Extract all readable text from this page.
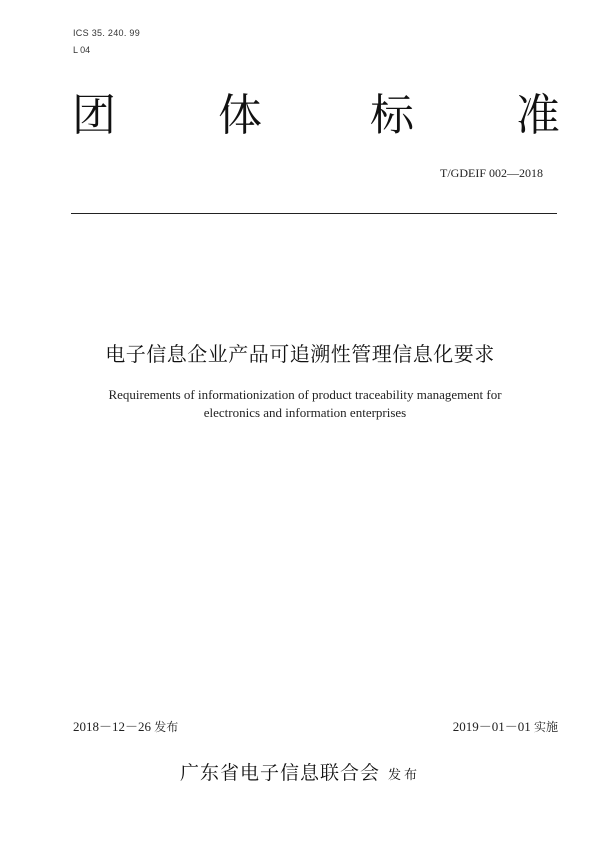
ICS 35. 240. 99
L 04
团 体 标 准
T/GDEIF 002—2018
电子信息企业产品可追溯性管理信息化要求
Requirements of informationization of product traceability management for
electronics and information enterprises
2018－12－26 发布	2019－01－01 实施
广东省电子信息联合会 发布
